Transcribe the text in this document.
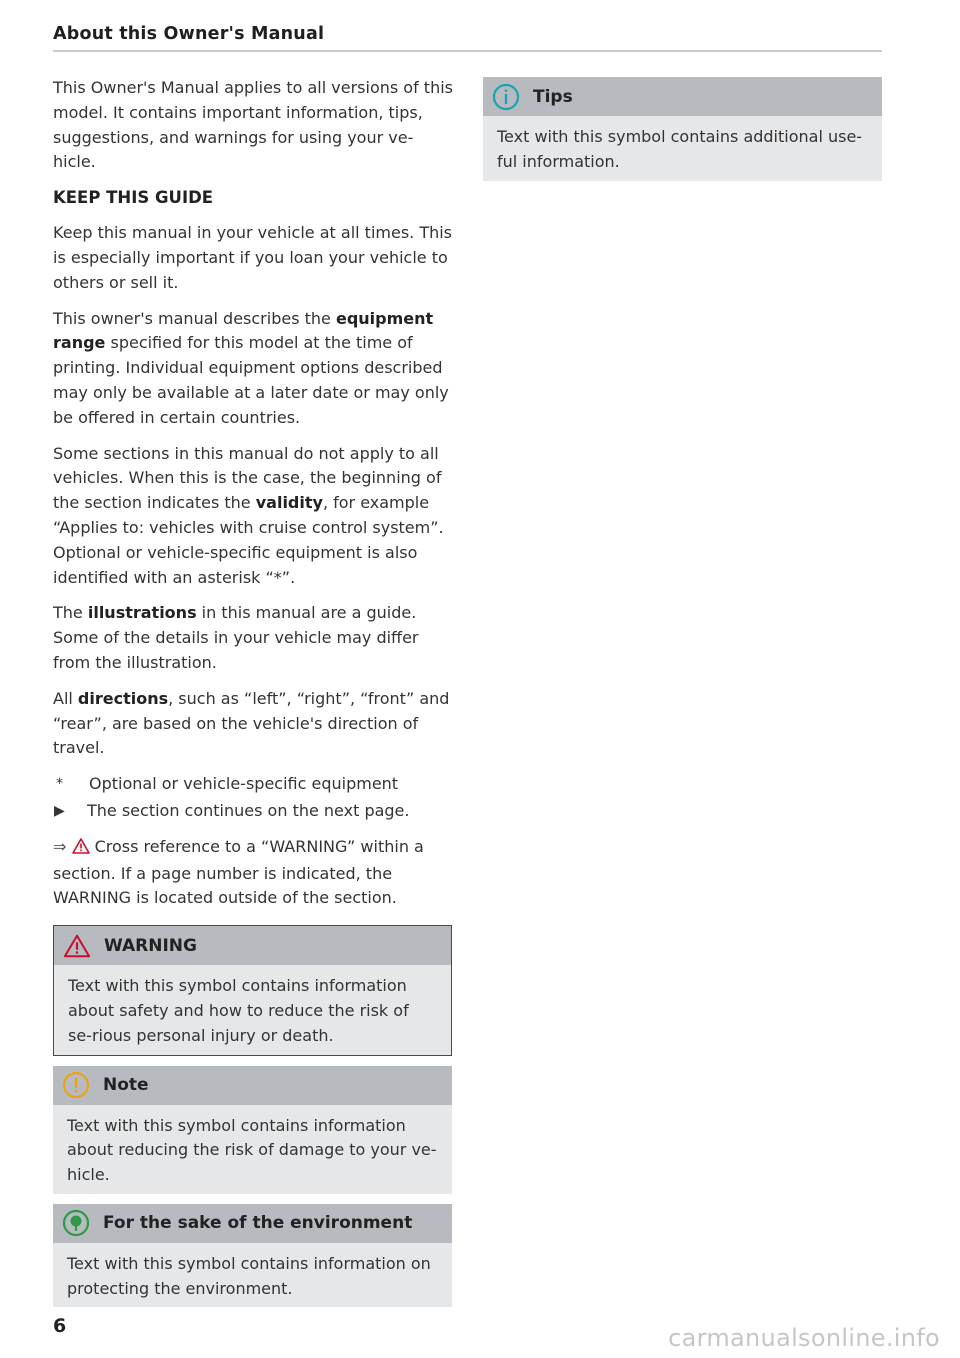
About this Owner's Manual

This Owner's Manual applies to all versions of this model. It contains important information, tips, suggestions, and warnings for using your ve-hicle.

KEEP THIS GUIDE

Keep this manual in your vehicle at all times. This is especially important if you loan your vehicle to others or sell it.

This owner's manual describes the equipment range specified for this model at the time of printing. Individual equipment options described may only be available at a later date or may only be offered in certain countries.

Some sections in this manual do not apply to all vehicles. When this is the case, the beginning of the section indicates the validity, for example “Applies to: vehicles with cruise control system”. Optional or vehicle-specific equipment is also identified with an asterisk “*”.

The illustrations in this manual are a guide. Some of the details in your vehicle may differ from the illustration.

All directions, such as “left”, “right”, “front” and “rear”, are based on the vehicle's direction of travel.

*	Optional or vehicle-specific equipment
▶	The section continues on the next page.

⇒  Cross reference to a “WARNING” within a section. If a page number is indicated, the WARNING is located outside of the section.

WARNING
Text with this symbol contains information about safety and how to reduce the risk of se-rious personal injury or death.
Note
Text with this symbol contains information about reducing the risk of damage to your ve-hicle.
For the sake of the environment
Text with this symbol contains information on protecting the environment.
Tips
Text with this symbol contains additional use-ful information.
6	carmanualsonline.info
